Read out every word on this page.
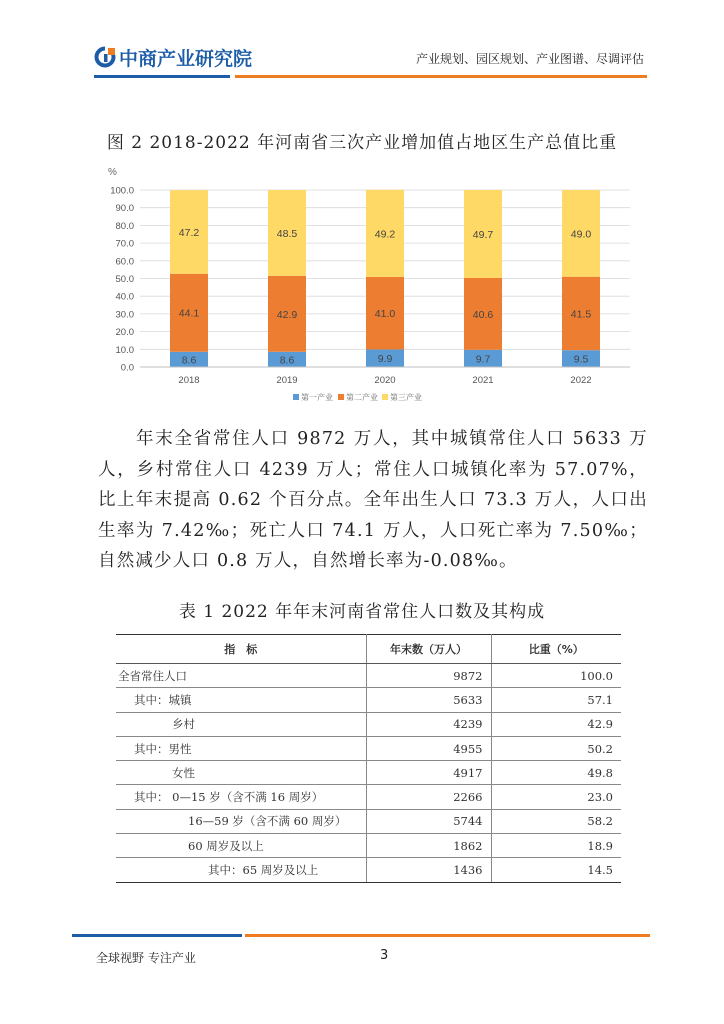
中商产业研究院	产业规划、园区规划、产业图谱、尽调评估
图 2 2018-2022 年河南省三次产业增加值占地区生产总值比重
%
0.0
10.0
20.0
30.0
40.0
50.0
60.0
70.0
80.0
90.0
100.0
8.6
44.1
47.2
2018
8.6
42.9
48.5
2019
9.9
41.0
49.2
2020
9.7
40.6
49.7
2021
9.5
41.5
49.0
2022
第一产业 第二产业 第三产业
年末全省常住人口 9872 万人，其中城镇常住人口 5633 万人，乡村常住人口 4239 万人；常住人口城镇化率为 57.07%，比上年末提高 0.62 个百分点。全年出生人口 73.3 万人，人口出生率为 7.42‰；死亡人口 74.1 万人，人口死亡率为 7.50‰；自然减少人口 0.8 万人，自然增长率为-0.08‰。
表 1 2022 年年末河南省常住人口数及其构成
指　标	年末数（万人）	比重（%）
全省常住人口	9872	100.0
其中：城镇	5633	57.1
乡村	4239	42.9
其中：男性	4955	50.2
女性	4917	49.8
其中： 0—15 岁（含不满 16 周岁）	2266	23.0
16—59 岁（含不满 60 周岁）	5744	58.2
60 周岁及以上	1862	18.9
其中：65 周岁及以上	1436	14.5
全球视野 专注产业	3
